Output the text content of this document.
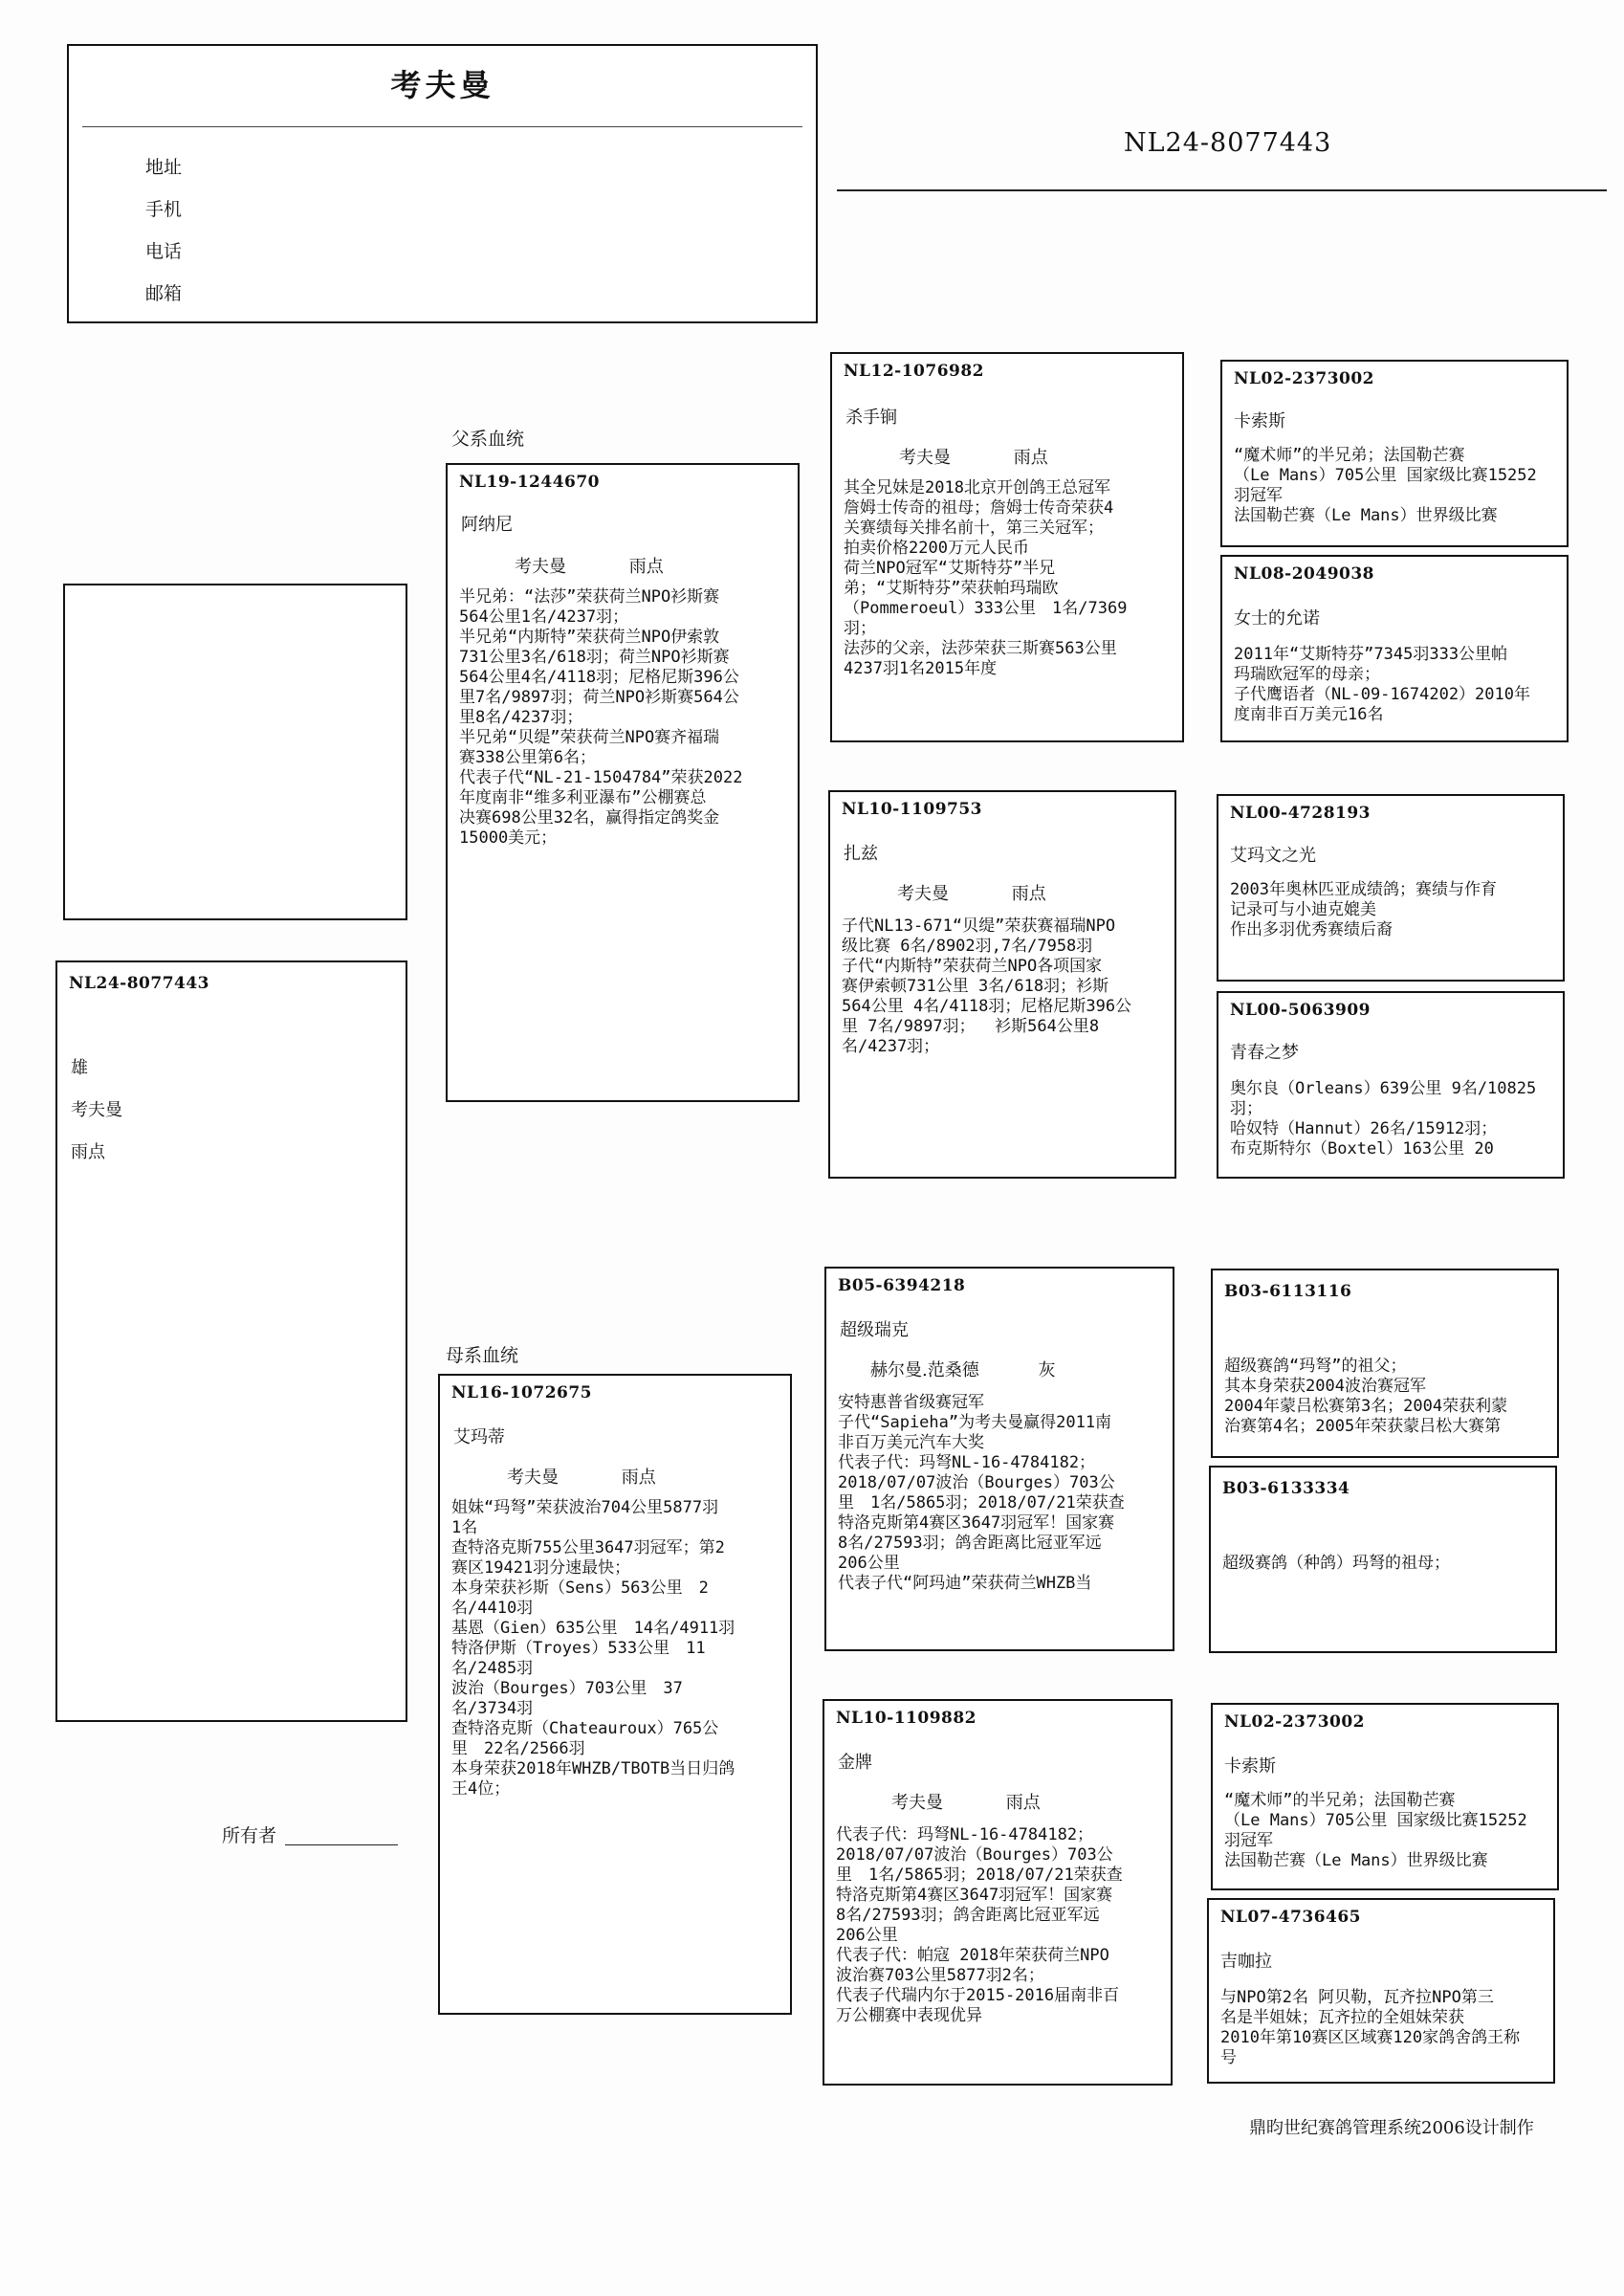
考夫曼
地址
手机
电话
邮箱
NL24-8077443
NL24-8077443
雄
考夫曼
雨点
所有者
父系血统
母系血统
NL19-1244670
阿纳尼
考夫曼	雨点
半兄弟：“法莎”荣获荷兰NPO衫斯赛
564公里1名/4237羽；
半兄弟“内斯特”荣获荷兰NPO伊索敦
731公里3名/618羽；荷兰NPO衫斯赛
564公里4名/4118羽；尼格尼斯396公
里7名/9897羽；荷兰NPO衫斯赛564公
里8名/4237羽；
半兄弟“贝缇”荣获荷兰NPO赛齐福瑞
赛338公里第6名；
代表子代“NL-21-1504784”荣获2022
年度南非“维多利亚瀑布”公棚赛总
决赛698公里32名，赢得指定鸽奖金
15000美元；
NL16-1072675
艾玛蒂
考夫曼	雨点
姐妹“玛弩”荣获波治704公里5877羽
1名
查特洛克斯755公里3647羽冠军；第2
赛区19421羽分速最快；
本身荣获衫斯（Sens）563公里　2
名/4410羽
基恩（Gien）635公里　14名/4911羽
特洛伊斯（Troyes）533公里　11
名/2485羽
波治（Bourges）703公里　37
名/3734羽
查特洛克斯（Chateauroux）765公
里　22名/2566羽
本身荣获2018年WHZB/TBOTB当日归鸽
王4位；
NL12-1076982
杀手锏
考夫曼	雨点
其全兄妹是2018北京开创鸽王总冠军
詹姆士传奇的祖母；詹姆士传奇荣获4
关赛绩每关排名前十，第三关冠军；
拍卖价格2200万元人民币
荷兰NPO冠军“艾斯特芬”半兄
弟；“艾斯特芬”荣获帕玛瑞欧
（Pommeroeul）333公里　1名/7369
羽；
法莎的父亲，法莎荣获三斯赛563公里
4237羽1名2015年度
NL10-1109753
扎兹
考夫曼	雨点
子代NL13-671“贝缇”荣获赛福瑞NPO
级比赛 6名/8902羽,7名/7958羽
子代“内斯特”荣获荷兰NPO各项国家
赛伊索顿731公里 3名/618羽；衫斯
564公里 4名/4118羽；尼格尼斯396公
里 7名/9897羽；  衫斯564公里8
名/4237羽；
B05-6394218
超级瑞克
赫尔曼.范桑德	灰
安特惠普省级赛冠军
子代“Sapieha”为考夫曼赢得2011南
非百万美元汽车大奖
代表子代：玛弩NL-16-4784182；
2018/07/07波治（Bourges）703公
里　1名/5865羽；2018/07/21荣获查
特洛克斯第4赛区3647羽冠军！国家赛
8名/27593羽；鸽舍距离比冠亚军远
206公里
代表子代“阿玛迪”荣获荷兰WHZB当
NL10-1109882
金牌
考夫曼	雨点
代表子代：玛弩NL-16-4784182；
2018/07/07波治（Bourges）703公
里　1名/5865羽；2018/07/21荣获查
特洛克斯第4赛区3647羽冠军！国家赛
8名/27593羽；鸽舍距离比冠亚军远
206公里
代表子代：帕寇 2018年荣获荷兰NPO
波治赛703公里5877羽2名；
代表子代瑞内尔于2015-2016届南非百
万公棚赛中表现优异
NL02-2373002
卡索斯
“魔术师”的半兄弟；法国勒芒赛
（Le Mans）705公里 国家级比赛15252
羽冠军
法国勒芒赛（Le Mans）世界级比赛
NL08-2049038
女士的允诺
2011年“艾斯特芬”7345羽333公里帕
玛瑞欧冠军的母亲；
子代鹰语者（NL-09-1674202）2010年
度南非百万美元16名
NL00-4728193
艾玛文之光
2003年奥林匹亚成绩鸽；赛绩与作育
记录可与小迪克媲美
作出多羽优秀赛绩后裔
NL00-5063909
青春之梦
奥尔良（Orleans）639公里 9名/10825
羽；
哈奴特（Hannut）26名/15912羽；
布克斯特尔（Boxtel）163公里 20
B03-6113116
超级赛鸽“玛弩”的祖父；
其本身荣获2004波治赛冠军
2004年蒙吕松赛第3名；2004荣获利蒙
治赛第4名；2005年荣获蒙吕松大赛第
B03-6133334
超级赛鸽（种鸽）玛弩的祖母；
NL02-2373002
卡索斯
“魔术师”的半兄弟；法国勒芒赛
（Le Mans）705公里 国家级比赛15252
羽冠军
法国勒芒赛（Le Mans）世界级比赛
NL07-4736465
吉咖拉
与NPO第2名 阿贝勒，瓦齐拉NPO第三
名是半姐妹；瓦齐拉的全姐妹荣获
2010年第10赛区区域赛120家鸽舍鸽王称
号
鼎昀世纪赛鸽管理系统2006设计制作
